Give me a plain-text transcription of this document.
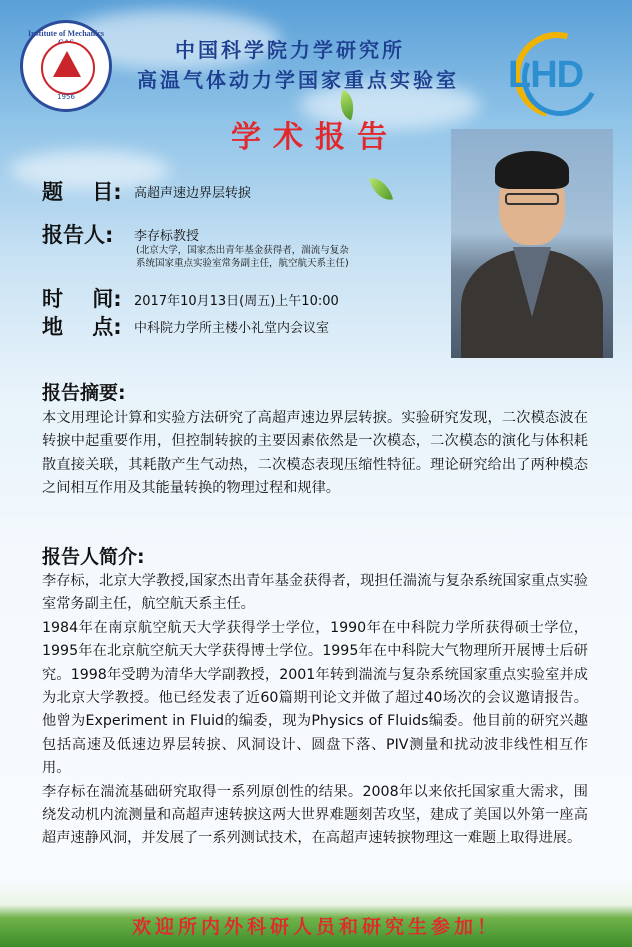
Institute of Mechanics
1956
中国科学院力学研究所
高温气体动力学国家重点实验室	LHD
学术报告
题    目: 高超声速边界层转捩
报告人: 李存标教授
(北京大学，国家杰出青年基金获得者，湍流与复杂
系统国家重点实验室常务副主任，航空航天系主任)
时    间: 2017年10月13日(周五)上午10:00
地    点: 中科院力学所主楼小礼堂内会议室
报告摘要:

本文用理论计算和实验方法研究了高超声速边界层转捩。实验研究发现，二次模态波在转捩中起重要作用，但控制转捩的主要因素依然是一次模态，二次模态的演化与体积耗散直接关联，其耗散产生气动热，二次模态表现压缩性特征。理论研究给出了两种模态之间相互作用及其能量转换的物理过程和规律。

报告人简介:

李存标，北京大学教授,国家杰出青年基金获得者，现担任湍流与复杂系统国家重点实验室常务副主任，航空航天系主任。

1984年在南京航空航天大学获得学士学位，1990年在中科院力学所获得硕士学位，1995年在北京航空航天大学获得博士学位。1995年在中科院大气物理所开展博士后研究。1998年受聘为清华大学副教授，2001年转到湍流与复杂系统国家重点实验室并成为北京大学教授。他已经发表了近60篇期刊论文并做了超过40场次的会议邀请报告。他曾为Experiment in Fluid的编委，现为Physics of Fluids编委。他目前的研究兴趣包括高速及低速边界层转捩、风洞设计、圆盘下落、PIV测量和扰动波非线性相互作用。

李存标在湍流基础研究取得一系列原创性的结果。2008年以来依托国家重大需求，围绕发动机内流测量和高超声速转捩这两大世界难题刻苦攻坚，建成了美国以外第一座高超声速静风洞，并发展了一系列测试技术，在高超声速转捩物理这一难题上取得进展。

欢迎所内外科研人员和研究生参加！
